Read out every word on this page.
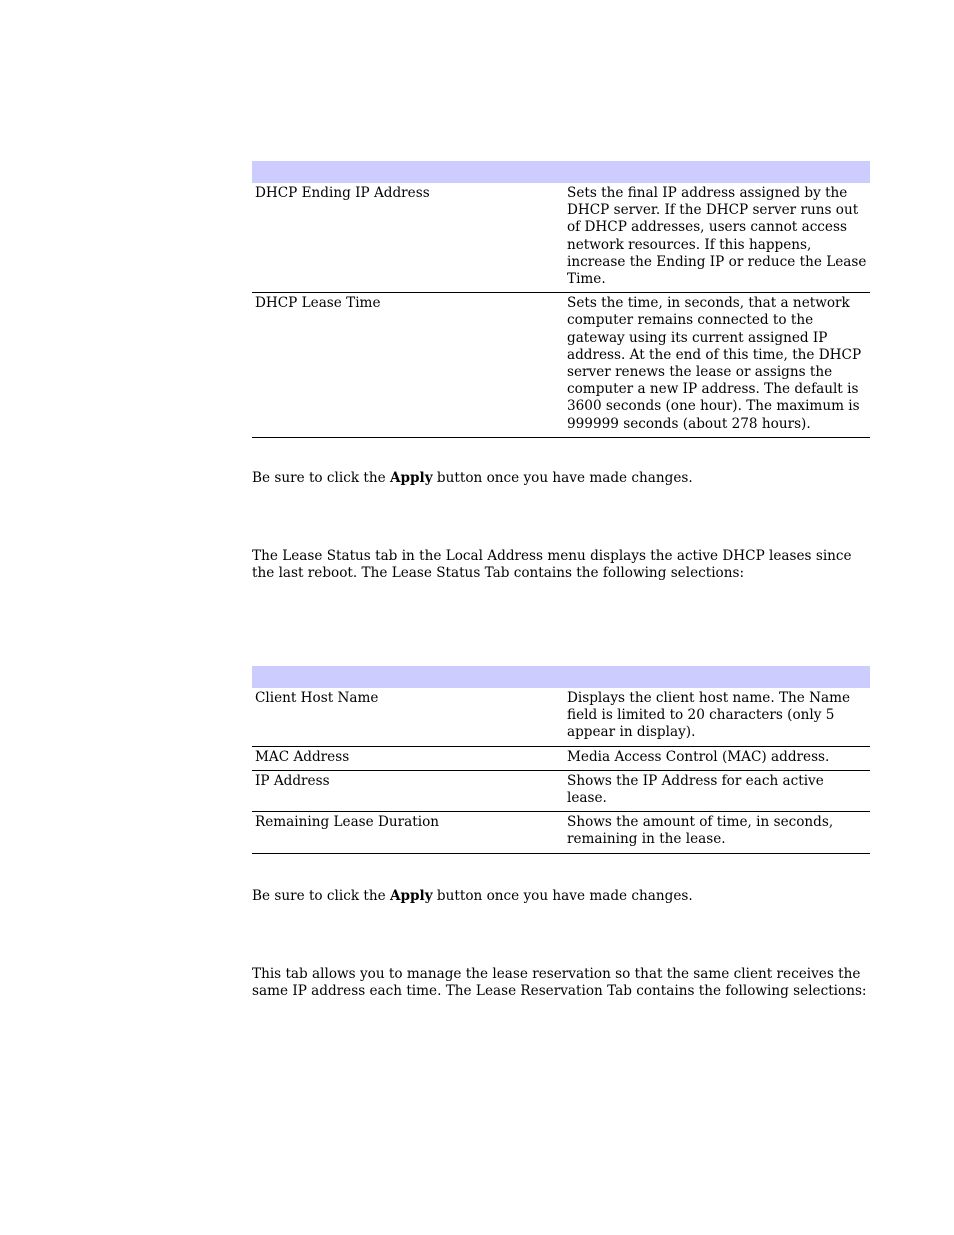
DHCP Ending IP Address	Sets the final IP address assigned by the DHCP server. If the DHCP server runs out of DHCP addresses, users cannot access network resources. If this happens, increase the Ending IP or reduce the Lease Time.
DHCP Lease Time	Sets the time, in seconds, that a network computer remains connected to the gateway using its current assigned IP address. At the end of this time, the DHCP server renews the lease or assigns the computer a new IP address. The default is 3600 seconds (one hour). The maximum is 999999 seconds (about 278 hours).

Be sure to click the Apply button once you have made changes.

The Lease Status tab in the Local Address menu displays the active DHCP leases since the last reboot. The Lease Status Tab contains the following selections:

Client Host Name	Displays the client host name. The Name field is limited to 20 characters (only 5 appear in display).
MAC Address	Media Access Control (MAC) address.
IP Address	Shows the IP Address for each active lease.
Remaining Lease Duration	Shows the amount of time, in seconds, remaining in the lease.

Be sure to click the Apply button once you have made changes.

This tab allows you to manage the lease reservation so that the same client receives the same IP address each time. The Lease Reservation Tab contains the following selections:
